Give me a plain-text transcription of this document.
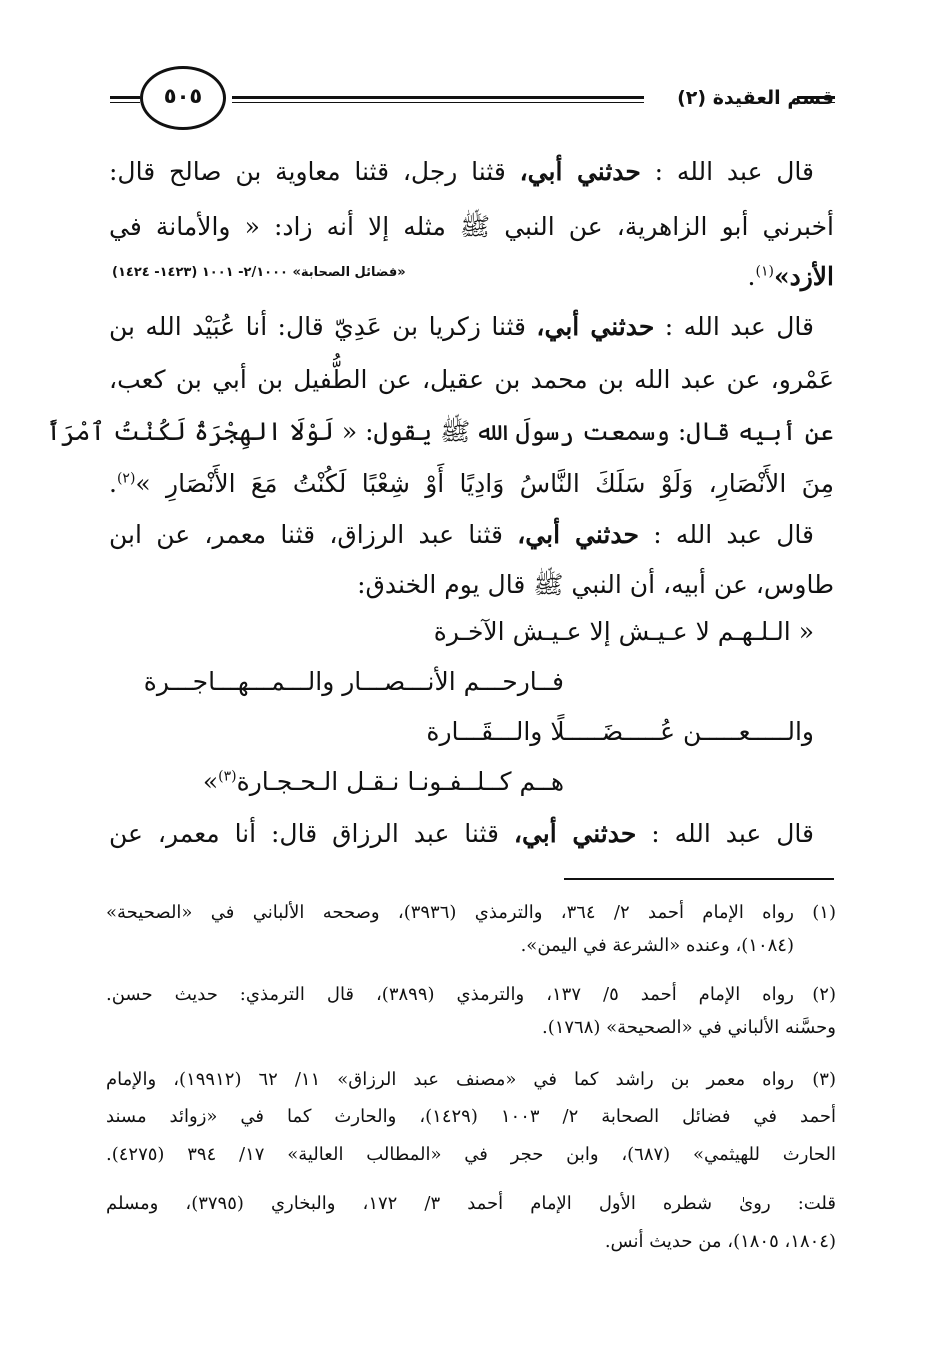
قسم العقيدة (٢)
٥٠٥
قال عبد الله : حدثني أبي، قثنا رجل، قثنا معاوية بن صالح قال:
أخبرني أبو الزاهرية، عن النبي ﷺ مثله إلا أنه زاد: « والأمانة في
الأزد»$^{(١)}$.
«فضائل الصحابة» ٢/١٠٠٠- ١٠٠١ (١٤٢٣- ١٤٢٤)
قال عبد الله : حدثني أبي، قثنا زكريا بن عَدِيّ قال: أنا عُبَيْد الله بن
عَمْرو، عن عبد الله بن محمد بن عقيل، عن الطُّفيل بن أبي بن كعب،
عن أبيه قال: وسمعت رسولَ الله ﷺ يقول: « لَوْلَا الهِجْرَةُ لَكُنْتُ ٱمْرَأً
مِنَ الأَنْصَارِ، وَلَوْ سَلَكَ النَّاسُ وَادِيًا أَوْ شِعْبًا لَكُنْتُ مَعَ الأَنْصَارِ »$^{(٢)}$.
قال عبد الله : حدثني أبي، قثنا عبد الرزاق، قثنا معمر، عن ابن
طاوس، عن أبيه، أن النبي ﷺ قال يوم الخندق:
« الـلـهـم لا عـيـش إلا عـيـش الآخـرة
فــارحـــم الأنـــصـــار والـــمـــهـــاجـــرة
والـــــعـــــن عُـــــضَـــــلًا والـــقَـــارة
هــم كــلــفـونـا نـقـل الـحـجـارة$^{(٣)}$»
قال عبد الله : حدثني أبي، قثنا عبد الرزاق قال: أنا معمر، عن
(١)
رواه الإمام أحمد ٢/ ٣٦٤، والترمذي (٣٩٣٦)، وصححه الألباني في «الصحيحة»
(١٠٨٤)، وعنده «الشرعة في اليمن».
(٢)
رواه الإمام أحمد ٥/ ١٣٧، والترمذي (٣٨٩٩)، قال الترمذي: حديث حسن.
وحسَّنه الألباني في «الصحيحة» (١٧٦٨).
(٣)
رواه معمر بن راشد كما في «مصنف عبد الرزاق» ١١/ ٦٢ (١٩٩١٢)، والإمام
أحمد في فضائل الصحابة ٢/ ١٠٠٣ (١٤٢٩)، والحارث كما في «زوائد مسند
الحارث للهيثمي» (٦٨٧)، وابن حجر في «المطالب العالية» ١٧/ ٣٩٤ (٤٢٧٥).
قلت: روىٰ شطره الأول الإمام أحمد ٣/ ١٧٢، والبخاري (٣٧٩٥)، ومسلم
(١٨٠٤، ١٨٠٥)، من حديث أنس.
